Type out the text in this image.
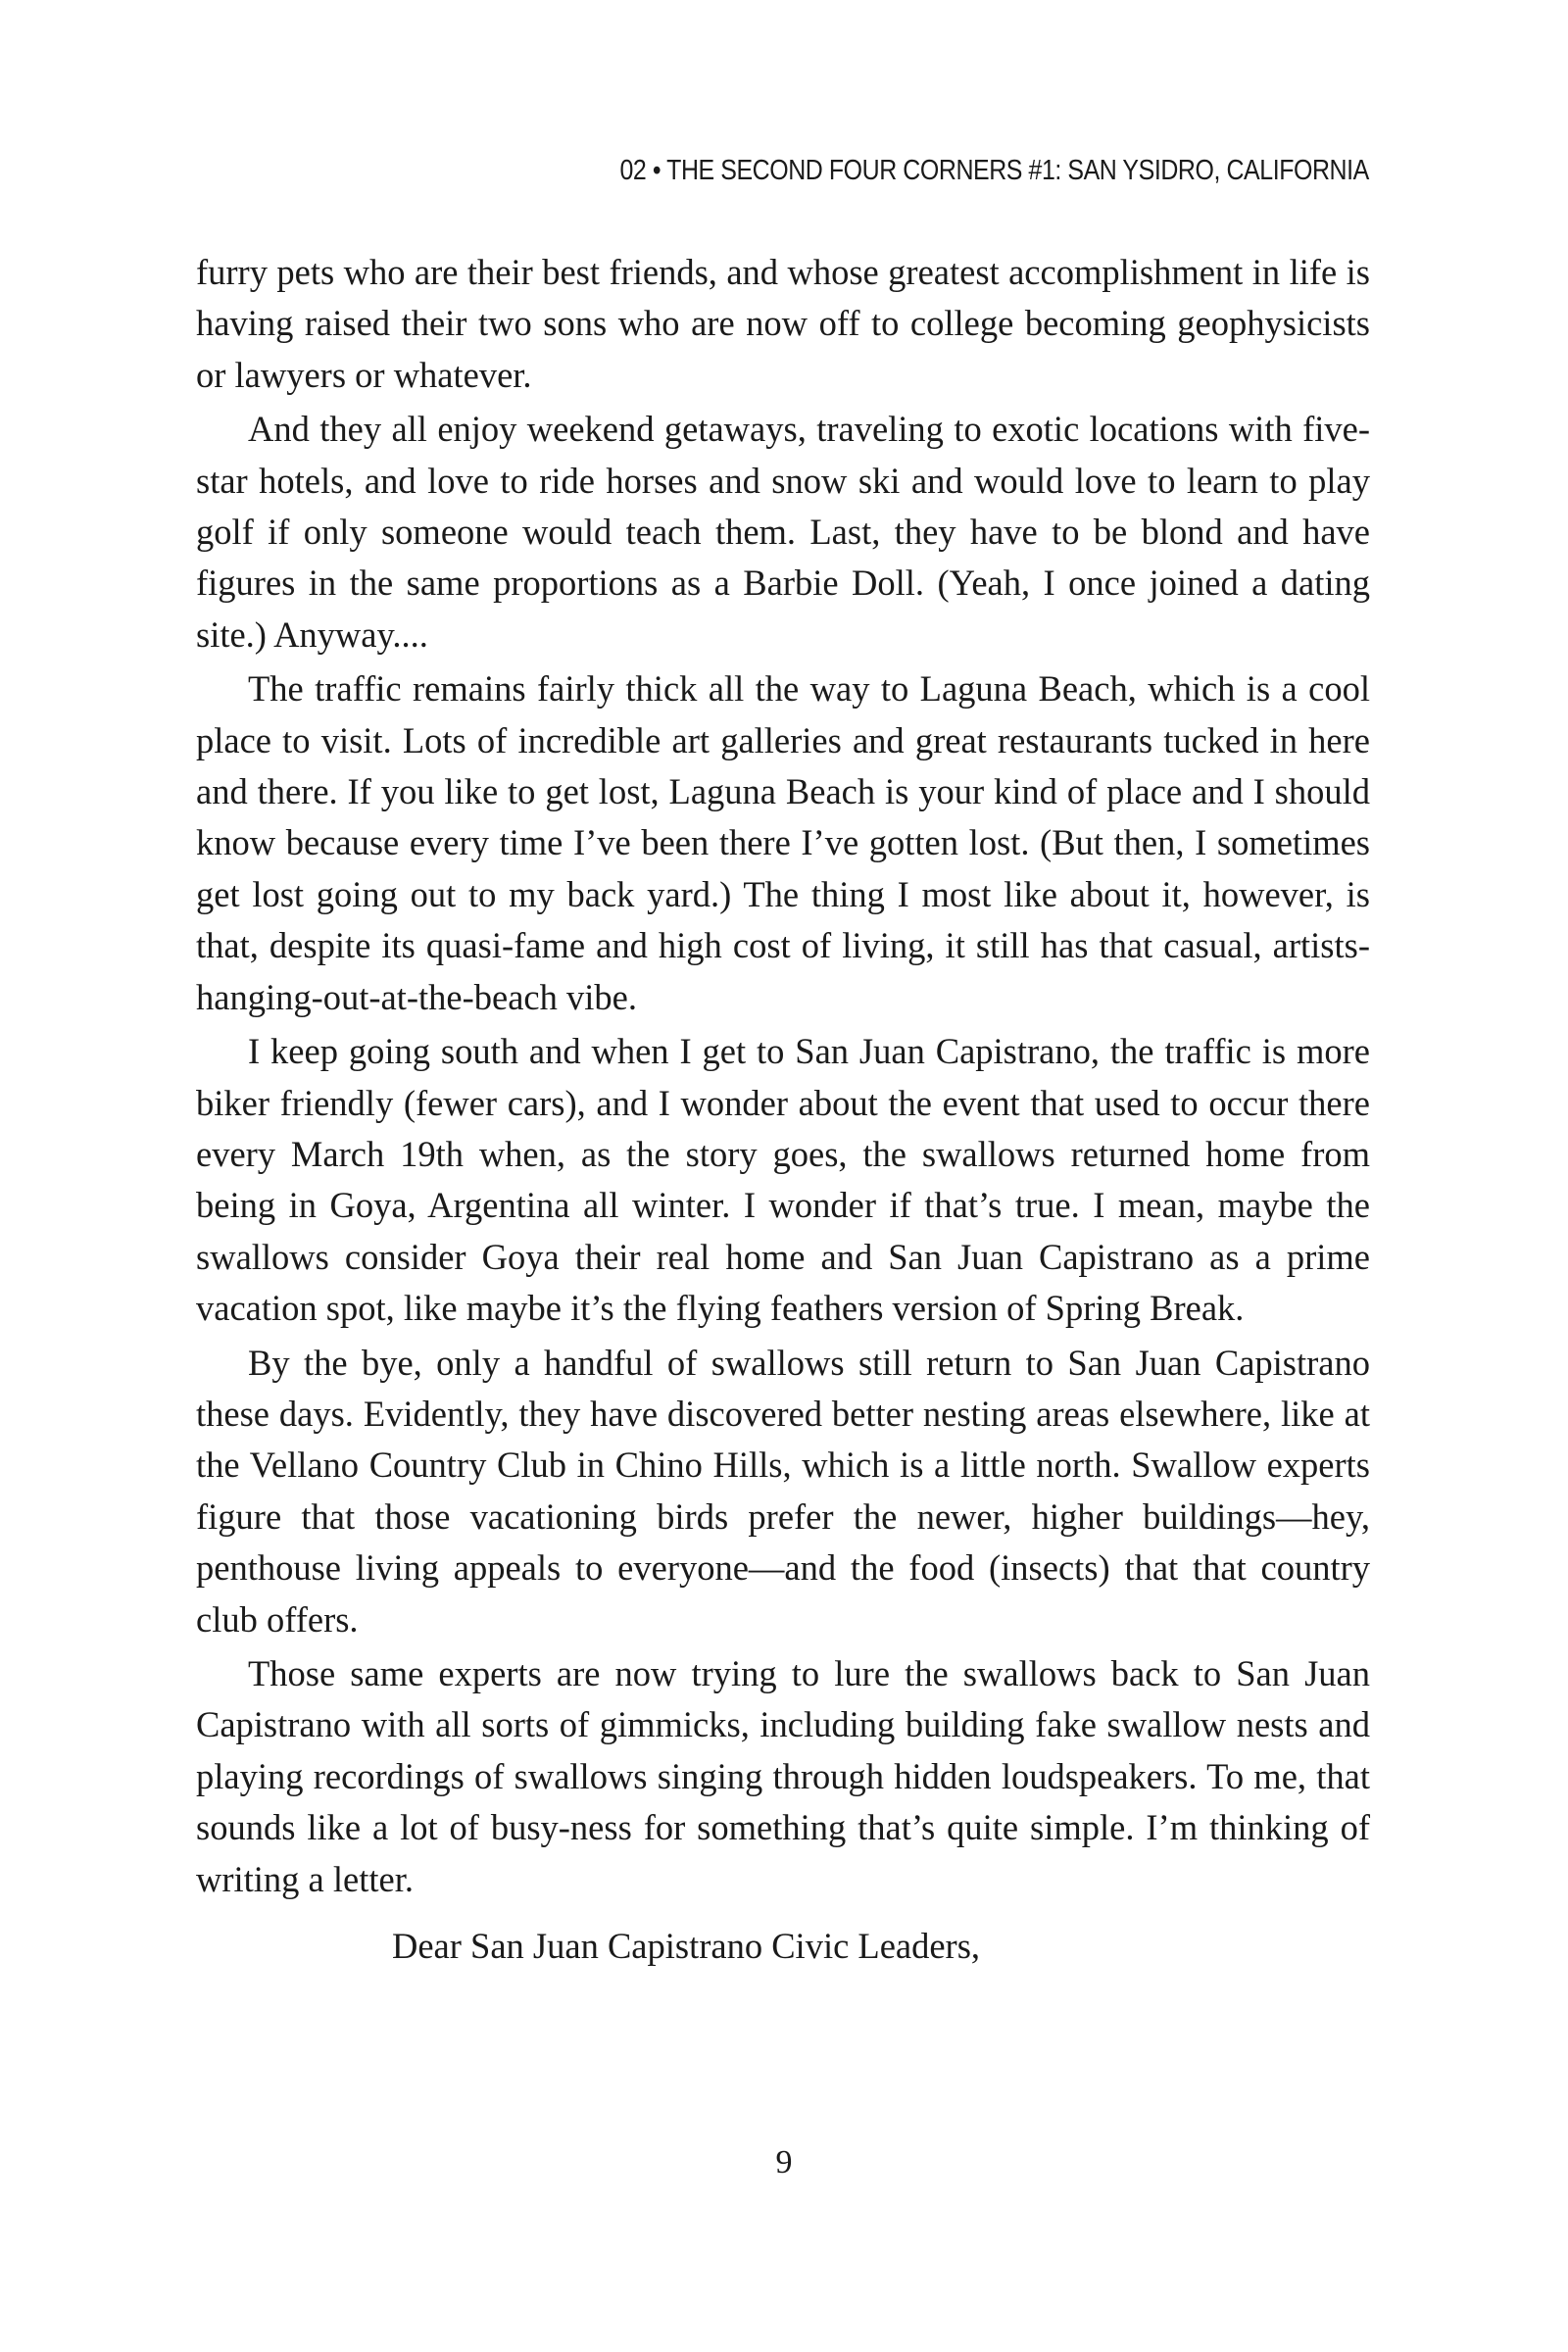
02 • THE SECOND FOUR CORNERS #1: SAN YSIDRO, CALIFORNIA

furry pets who are their best friends, and whose greatest accomplishment in life is having raised their two sons who are now off to college becoming geophysicists or lawyers or whatever.

And they all enjoy weekend getaways, traveling to exotic locations with five-star hotels, and love to ride horses and snow ski and would love to learn to play golf if only someone would teach them. Last, they have to be blond and have figures in the same proportions as a Barbie Doll. (Yeah, I once joined a dating site.) Anyway....

The traffic remains fairly thick all the way to Laguna Beach, which is a cool place to visit. Lots of incredible art galleries and great restaurants tucked in here and there. If you like to get lost, Laguna Beach is your kind of place and I should know because every time I’ve been there I’ve gotten lost. (But then, I sometimes get lost going out to my back yard.) The thing I most like about it, however, is that, despite its quasi-fame and high cost of living, it still has that casual, artists-hanging-out-at-the-beach vibe.

I keep going south and when I get to San Juan Capistrano, the traffic is more biker friendly (fewer cars), and I wonder about the event that used to occur there every March 19th when, as the story goes, the swallows returned home from being in Goya, Argentina all winter. I wonder if that’s true. I mean, maybe the swallows consider Goya their real home and San Juan Capistrano as a prime vacation spot, like maybe it’s the flying feathers version of Spring Break.

By the bye, only a handful of swallows still return to San Juan Capistrano these days. Evidently, they have discovered better nesting areas elsewhere, like at the Vellano Country Club in Chino Hills, which is a little north. Swallow experts figure that those vacationing birds prefer the newer, higher buildings—hey, penthouse living appeals to everyone—and the food (insects) that that country club offers.

Those same experts are now trying to lure the swallows back to San Juan Capistrano with all sorts of gimmicks, including building fake swallow nests and playing recordings of swallows singing through hidden loudspeakers. To me, that sounds like a lot of busy-ness for something that’s quite simple. I’m thinking of writing a letter.

Dear San Juan Capistrano Civic Leaders,

9
